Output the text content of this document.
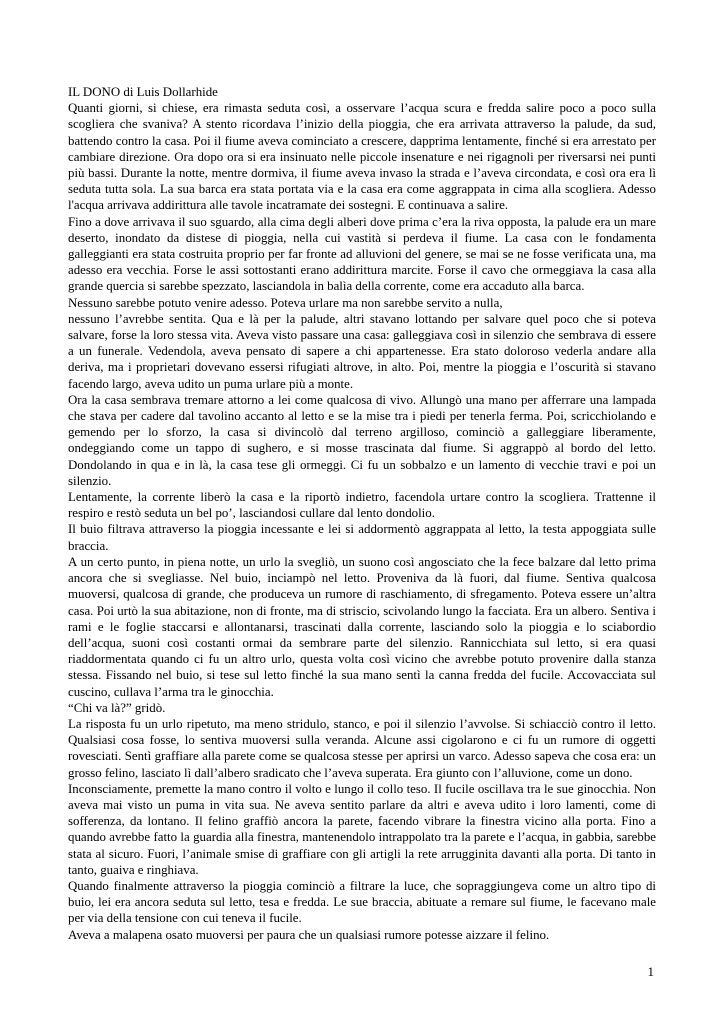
IL DONO di Luis Dollarhide

Quanti giorni, si chiese, era rimasta seduta così, a osservare l’acqua scura e fredda salire poco a poco sulla scogliera che svaniva? A stento ricordava l’inizio della pioggia, che era arrivata attraverso la palude, da sud, battendo contro la casa. Poi il fiume aveva cominciato a crescere, dapprima lentamente, finché si era arrestato per cambiare direzione. Ora dopo ora si era insinuato nelle piccole insenature e nei rigagnoli per riversarsi nei punti più bassi. Durante la notte, mentre dormiva, il fiume aveva invaso la strada e l’aveva circondata, e così ora era lì seduta tutta sola. La sua barca era stata portata via e la casa era come aggrappata in cima alla scogliera. Adesso l'acqua arrivava addirittura alle tavole incatramate dei sostegni. E continuava a salire.

Fino a dove arrivava il suo sguardo, alla cima degli alberi dove prima c’era la riva opposta, la palude era un mare deserto, inondato da distese di pioggia, nella cui vastità si perdeva il fiume. La casa con le fondamenta galleggianti era stata costruita proprio per far fronte ad alluvioni del genere, se mai se ne fosse verificata una, ma adesso era vecchia. Forse le assi sottostanti erano addirittura marcite. Forse il cavo che ormeggiava la casa alla grande quercia si sarebbe spezzato, lasciandola in balìa della corrente, come era accaduto alla barca.

Nessuno sarebbe potuto venire adesso. Poteva urlare ma non sarebbe servito a nulla,

nessuno l’avrebbe sentita. Qua e là per la palude, altri stavano lottando per salvare quel poco che si poteva salvare, forse la loro stessa vita. Aveva visto passare una casa: galleggiava così in silenzio che sembrava di essere a un funerale. Vedendola, aveva pensato di sapere a chi appartenesse. Era stato doloroso vederla andare alla deriva, ma i proprietari dovevano essersi rifugiati altrove, in alto. Poi, mentre la pioggia e l’oscurità si stavano facendo largo, aveva udito un puma urlare più a monte.

Ora la casa sembrava tremare attorno a lei come qualcosa di vivo. Allungò una mano per afferrare una lampada che stava per cadere dal tavolino accanto al letto e se la mise tra i piedi per tenerla ferma. Poi, scricchiolando e gemendo per lo sforzo, la casa si divincolò dal terreno argilloso, cominciò a galleggiare liberamente, ondeggiando come un tappo di sughero, e si mosse trascinata dal fiume. Si aggrappò al bordo del letto. Dondolando in qua e in là, la casa tese gli ormeggi. Ci fu un sobbalzo e un lamento di vecchie travi e poi un silenzio.

Lentamente, la corrente liberò la casa e la riportò indietro, facendola urtare contro la scogliera. Trattenne il respiro e restò seduta un bel po’, lasciandosi cullare dal lento dondolio.

Il buio filtrava attraverso la pioggia incessante e lei si addormentò aggrappata al letto, la testa appoggiata sulle braccia.

A un certo punto, in piena notte, un urlo la svegliò, un suono così angosciato che la fece balzare dal letto prima ancora che si svegliasse. Nel buio, inciampò nel letto. Proveniva da là fuori, dal fiume. Sentiva qualcosa muoversi, qualcosa di grande, che produceva un rumore di raschiamento, di sfregamento. Poteva essere un’altra casa. Poi urtò la sua abitazione, non di fronte, ma di striscio, scivolando lungo la facciata. Era un albero. Sentiva i rami e le foglie staccarsi e allontanarsi, trascinati dalla corrente, lasciando solo la pioggia e lo sciabordio dell’acqua, suoni così costanti ormai da sembrare parte del silenzio. Rannicchiata sul letto, si era quasi riaddormentata quando ci fu un altro urlo, questa volta così vicino che avrebbe potuto provenire dalla stanza stessa. Fissando nel buio, si tese sul letto finché la sua mano sentì la canna fredda del fucile. Accovacciata sul cuscino, cullava l’arma tra le ginocchia.

“Chi va là?” gridò.

La risposta fu un urlo ripetuto, ma meno stridulo, stanco, e poi il silenzio l’avvolse. Si schiacciò contro il letto. Qualsiasi cosa fosse, lo sentiva muoversi sulla veranda. Alcune assi cigolarono e ci fu un rumore di oggetti rovesciati. Sentì graffiare alla parete come se qualcosa stesse per aprirsi un varco. Adesso sapeva che cosa era: un grosso felino, lasciato lì dall’albero sradicato che l’aveva superata. Era giunto con l’alluvione, come un dono.

Inconsciamente, premette la mano contro il volto e lungo il collo teso. Il fucile oscillava tra le sue ginocchia. Non aveva mai visto un puma in vita sua. Ne aveva sentito parlare da altri e aveva udito i loro lamenti, come di sofferenza, da lontano. Il felino graffiò ancora la parete, facendo vibrare la finestra vicino alla porta. Fino a quando avrebbe fatto la guardia alla finestra, mantenendolo intrappolato tra la parete e l’acqua, in gabbia, sarebbe stata al sicuro. Fuori, l’animale smise di graffiare con gli artigli la rete arrugginita davanti alla porta. Di tanto in tanto, guaiva e ringhiava.

Quando finalmente attraverso la pioggia cominciò a filtrare la luce, che sopraggiungeva come un altro tipo di buio, lei era ancora seduta sul letto, tesa e fredda. Le sue braccia, abituate a remare sul fiume, le facevano male per via della tensione con cui teneva il fucile.

Aveva a malapena osato muoversi per paura che un qualsiasi rumore potesse aizzare il felino.

1
